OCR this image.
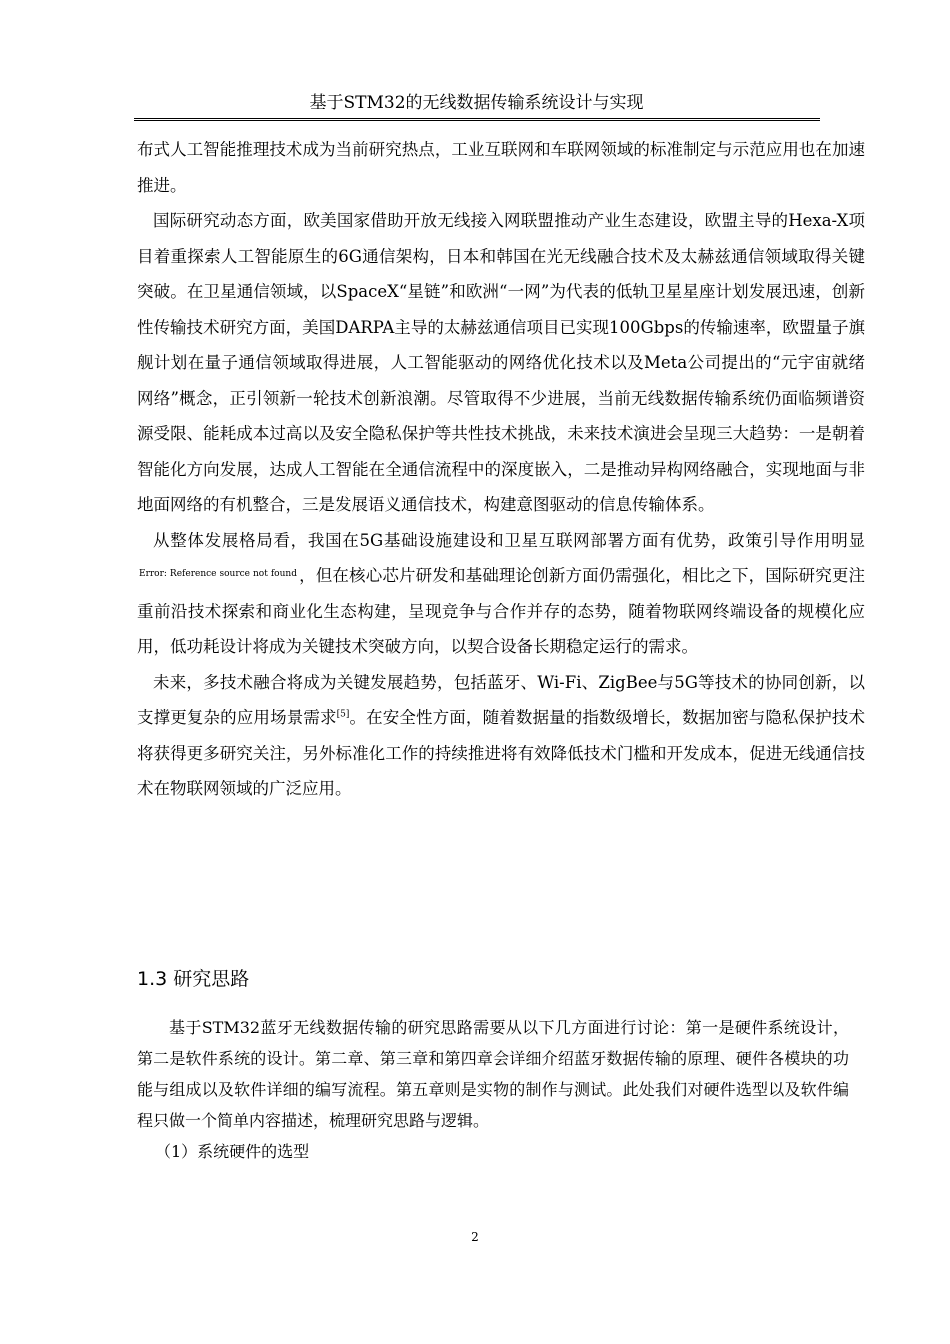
基于STM32的无线数据传输系统设计与实现

布式人工智能推理技术成为当前研究热点，工业互联网和车联网领域的标准制定与示范应用也在加速推进。

国际研究动态方面，欧美国家借助开放无线接入网联盟推动产业生态建设，欧盟主导的Hexa-X项目着重探索人工智能原生的6G通信架构，日本和韩国在光无线融合技术及太赫兹通信领域取得关键突破。在卫星通信领域，以SpaceX“星链”和欧洲“一网”为代表的低轨卫星星座计划发展迅速，创新性传输技术研究方面，美国DARPA主导的太赫兹通信项目已实现100Gbps的传输速率，欧盟量子旗舰计划在量子通信领域取得进展，人工智能驱动的网络优化技术以及Meta公司提出的“元宇宙就绪网络”概念，正引领新一轮技术创新浪潮。尽管取得不少进展，当前无线数据传输系统仍面临频谱资源受限、能耗成本过高以及安全隐私保护等共性技术挑战，未来技术演进会呈现三大趋势：一是朝着智能化方向发展，达成人工智能在全通信流程中的深度嵌入，二是推动异构网络融合，实现地面与非地面网络的有机整合，三是发展语义通信技术，构建意图驱动的信息传输体系。

从整体发展格局看，我国在5G基础设施建设和卫星互联网部署方面有优势，政策引导作用明显$^{Error: Reference source not found}$ ，但在核心芯片研发和基础理论创新方面仍需强化，相比之下，国际研究更注重前沿技术探索和商业化生态构建，呈现竞争与合作并存的态势，随着物联网终端设备的规模化应用，低功耗设计将成为关键技术突破方向，以契合设备长期稳定运行的需求。

未来，多技术融合将成为关键发展趋势，包括蓝牙、Wi-Fi、ZigBee与5G等技术的协同创新，以支撑更复杂的应用场景需求[5]。在安全性方面，随着数据量的指数级增长，数据加密与隐私保护技术将获得更多研究关注，另外标准化工作的持续推进将有效降低技术门槛和开发成本，促进无线通信技术在物联网领域的广泛应用。

1.3 研究思路

基于STM32蓝牙无线数据传输的研究思路需要从以下几方面进行讨论：第一是硬件系统设计，第二是软件系统的设计。第二章、第三章和第四章会详细介绍蓝牙数据传输的原理、硬件各模块的功能与组成以及软件详细的编写流程。第五章则是实物的制作与测试。此处我们对硬件选型以及软件编程只做一个简单内容描述，梳理研究思路与逻辑。

（1）系统硬件的选型

2
